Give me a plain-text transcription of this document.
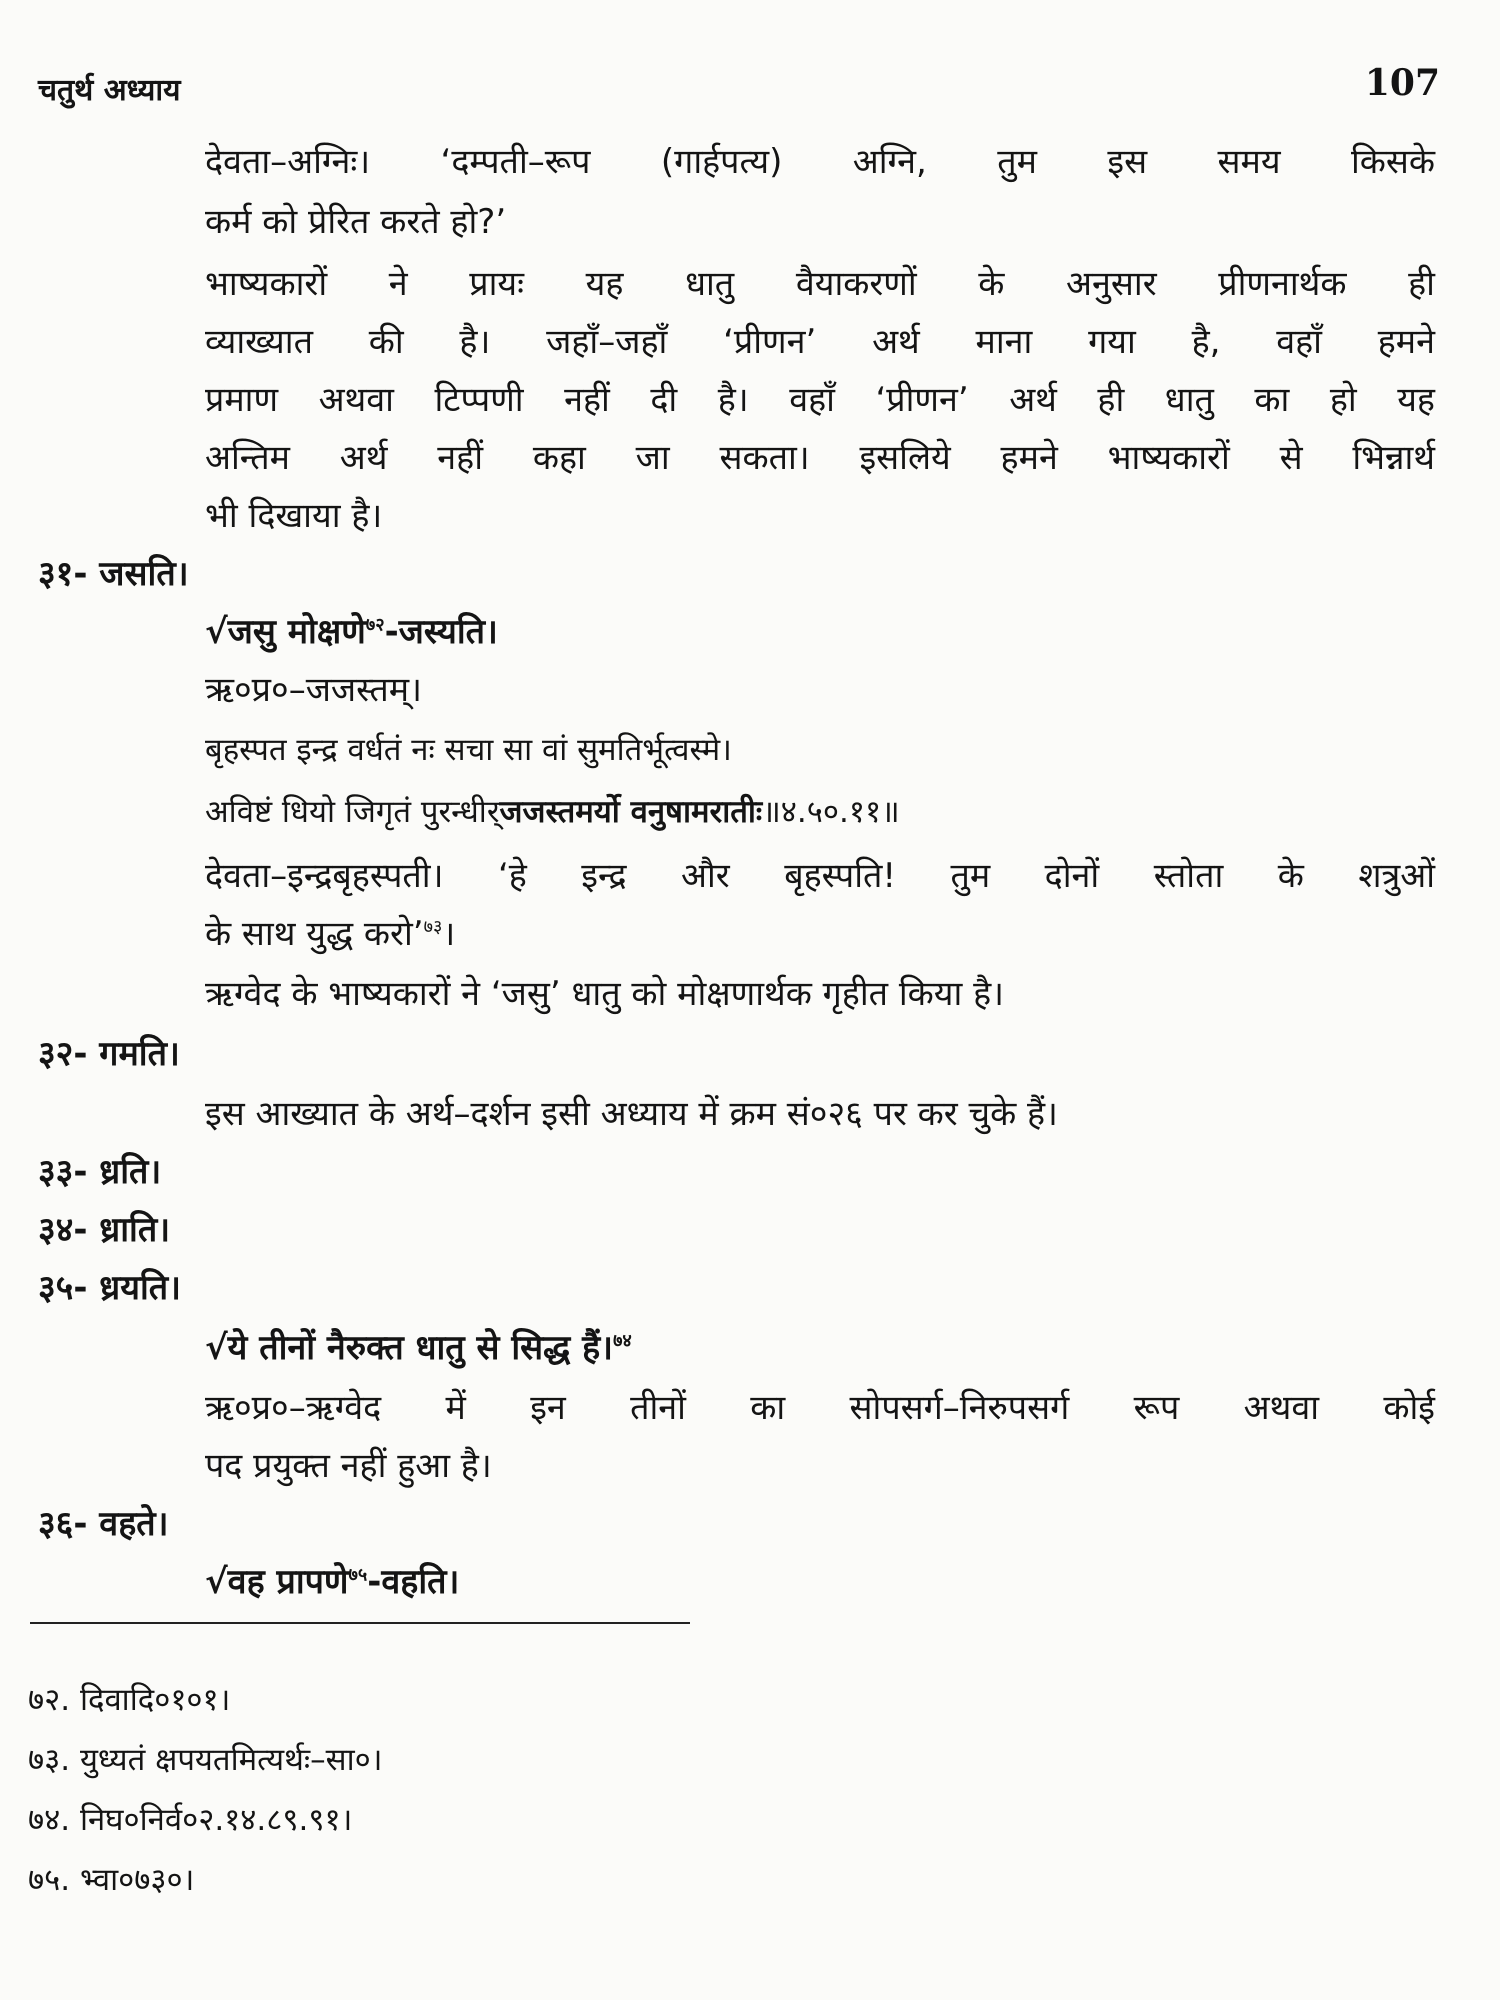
चतुर्थ अध्याय	107
देवता–अग्निः। ‘दम्पती–रूप (गार्हपत्य) अग्नि, तुम इस समय किसके
कर्म को प्रेरित करते हो?’
भाष्यकारों ने प्रायः यह धातु वैयाकरणों के अनुसार प्रीणनार्थक ही
व्याख्यात की है। जहाँ–जहाँ ‘प्रीणन’ अर्थ माना गया है, वहाँ हमने
प्रमाण अथवा टिप्पणी नहीं दी है। वहाँ ‘प्रीणन’ अर्थ ही धातु का हो यह
अन्तिम अर्थ नहीं कहा जा सकता। इसलिये हमने भाष्यकारों से भिन्नार्थ
भी दिखाया है।
३१- जसति।
√जसु मोक्षणे$^{७२}$-जस्यति।
ऋ०प्र०–जजस्तम्।
बृहस्पत इन्द्र वर्धतं नः सचा सा वां सुमतिर्भूत्वस्मे।
अविष्टं धियो जिगृतं पुरन्धीर्जजस्तमर्यो वनुषामरातीः॥४.५०.११॥
देवता–इन्द्रबृहस्पती। ‘हे इन्द्र और बृहस्पति! तुम दोनों स्तोता के शत्रुओं
के साथ युद्ध करो’$^{७३}$।
ऋग्वेद के भाष्यकारों ने ‘जसु’ धातु को मोक्षणार्थक गृहीत किया है।
३२- गमति।
इस आख्यात के अर्थ–दर्शन इसी अध्याय में क्रम सं०२६ पर कर चुके हैं।
३३- ध्रति।
३४- ध्राति।
३५- ध्रयति।
√ये तीनों नैरुक्त धातु से सिद्ध हैं।$^{७४}$
ऋ०प्र०–ऋग्वेद में इन तीनों का सोपसर्ग–निरुपसर्ग रूप अथवा कोई
पद प्रयुक्त नहीं हुआ है।
३६- वहते।
√वह प्रापणे$^{७५}$-वहति।
७२. दिवादि०१०१।
७३. युध्यतं क्षपयतमित्यर्थः–सा०।
७४. निघ०निर्व०२.१४.८९.९१।
७५. भ्वा०७३०।
